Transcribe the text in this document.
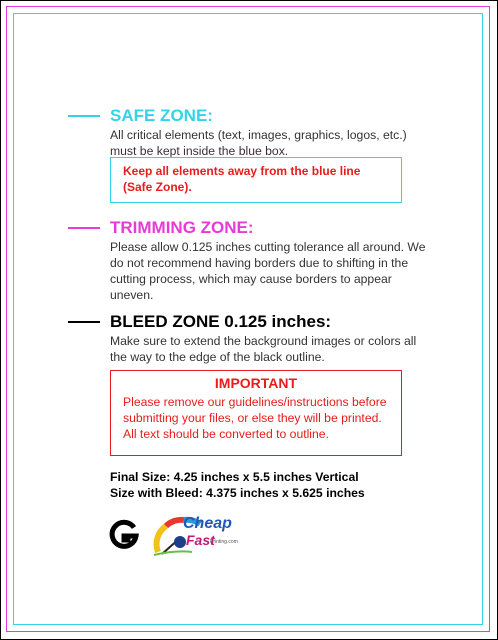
SAFE ZONE:
All critical elements (text, images, graphics, logos, etc.) must be kept inside the blue box.
Keep all elements away from the blue line (Safe Zone).
TRIMMING ZONE:
Please allow 0.125 inches cutting tolerance all around. We do not recommend having borders due to shifting in the cutting process, which may cause borders to appear uneven.
BLEED ZONE 0.125 inches:
Make sure to extend the background images or colors all the way to the edge of the black outline.
IMPORTANT
Please remove our guidelines/instructions before submitting your files, or else they will be printed. All text should be converted to outline.
Final Size: 4.25 inches x 5.5 inches Vertical
Size with Bleed: 4.375 inches x 5.625 inches
Cheap
Fast
Printing.com
